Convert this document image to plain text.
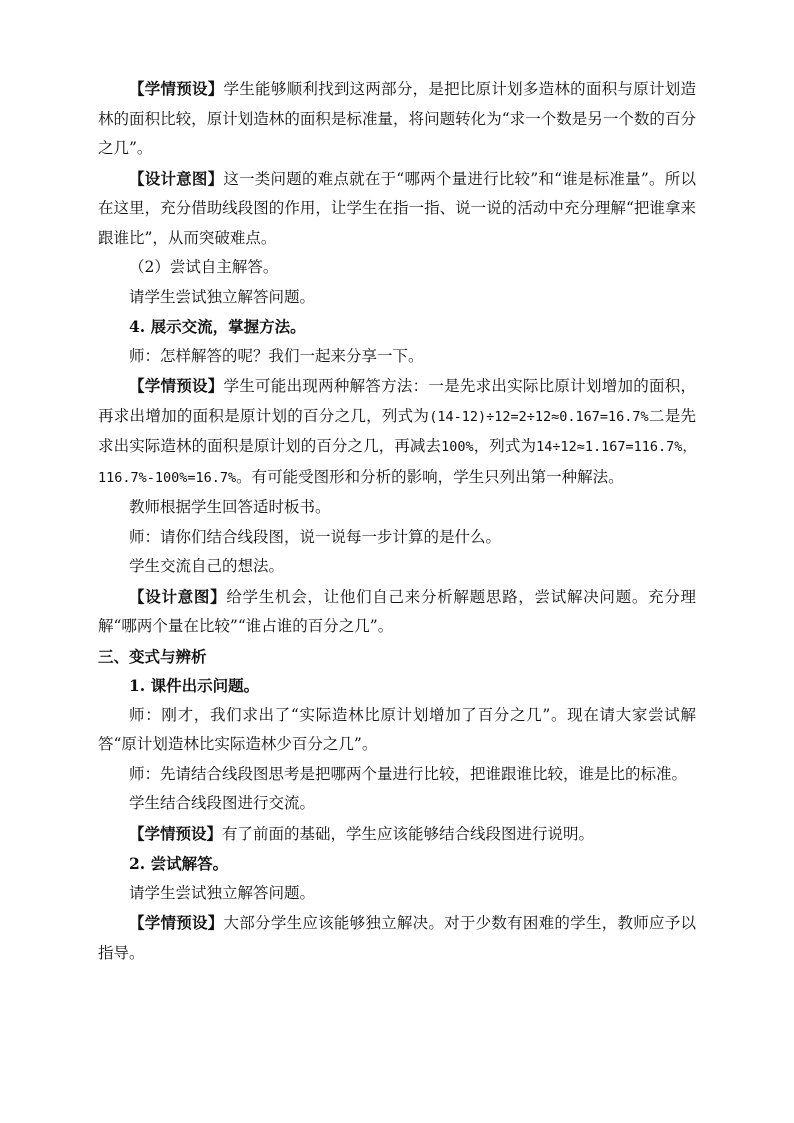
【学情预设】学生能够顺利找到这两部分，是把比原计划多造林的面积与原计划造林的面积比较，原计划造林的面积是标准量，将问题转化为“求一个数是另一个数的百分之几”。

【设计意图】这一类问题的难点就在于“哪两个量进行比较”和“谁是标准量”。所以在这里，充分借助线段图的作用，让学生在指一指、说一说的活动中充分理解“把谁拿来跟谁比”，从而突破难点。

（2）尝试自主解答。

请学生尝试独立解答问题。

4. 展示交流，掌握方法。

师：怎样解答的呢？我们一起来分享一下。

【学情预设】学生可能出现两种解答方法：一是先求出实际比原计划增加的面积，再求出增加的面积是原计划的百分之几，列式为(14-12)÷12=2÷12≈0.167=16.7%二是先求出实际造林的面积是原计划的百分之几，再减去100%，列式为14÷12≈1.167=116.7%，116.7%-100%=16.7%。有可能受图形和分析的影响，学生只列出第一种解法。

教师根据学生回答适时板书。

师：请你们结合线段图，说一说每一步计算的是什么。

学生交流自己的想法。

【设计意图】给学生机会，让他们自己来分析解题思路，尝试解决问题。充分理解“哪两个量在比较”“谁占谁的百分之几”。

三、变式与辨析

1. 课件出示问题。

师：刚才，我们求出了“实际造林比原计划增加了百分之几”。现在请大家尝试解答“原计划造林比实际造林少百分之几”。

师：先请结合线段图思考是把哪两个量进行比较，把谁跟谁比较，谁是比的标准。

学生结合线段图进行交流。

【学情预设】有了前面的基础，学生应该能够结合线段图进行说明。

2. 尝试解答。

请学生尝试独立解答问题。

【学情预设】大部分学生应该能够独立解决。对于少数有困难的学生，教师应予以指导。
